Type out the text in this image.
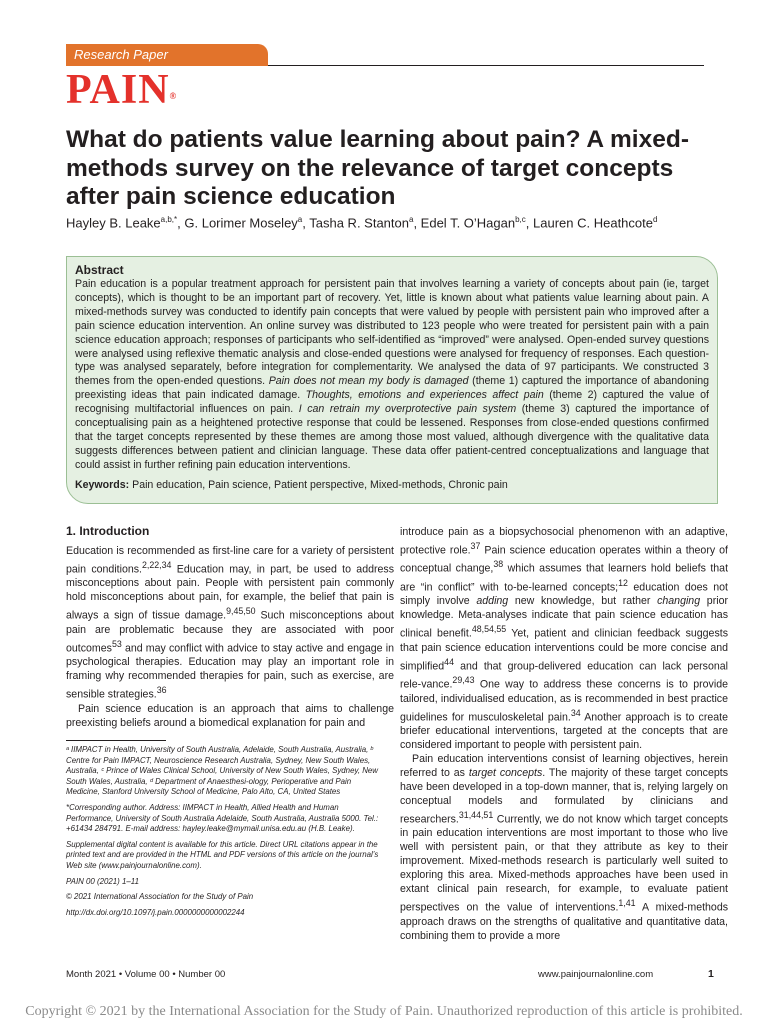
Research Paper
PAIN®
What do patients value learning about pain? A mixed-methods survey on the relevance of target concepts after pain science education
Hayley B. Leake$^{a,b,*}$, G. Lorimer Moseley$^a$, Tasha R. Stanton$^a$, Edel T. O’Hagan$^{b,c}$, Lauren C. Heathcote$^d$
Abstract

Pain education is a popular treatment approach for persistent pain that involves learning a variety of concepts about pain (ie, target concepts), which is thought to be an important part of recovery. Yet, little is known about what patients value learning about pain. A mixed-methods survey was conducted to identify pain concepts that were valued by people with persistent pain who improved after a pain science education intervention. An online survey was distributed to 123 people who were treated for persistent pain with a pain science education approach; responses of participants who self-identified as “improved” were analysed. Open-ended survey questions were analysed using reflexive thematic analysis and close-ended questions were analysed for frequency of responses. Each question-type was analysed separately, before integration for complementarity. We analysed the data of 97 participants. We constructed 3 themes from the open-ended questions. Pain does not mean my body is damaged (theme 1) captured the importance of abandoning preexisting ideas that pain indicated damage. Thoughts, emotions and experiences affect pain (theme 2) captured the value of recognising multifactorial influences on pain. I can retrain my overprotective pain system (theme 3) captured the importance of conceptualising pain as a heightened protective response that could be lessened. Responses from close-ended questions confirmed that the target concepts represented by these themes are among those most valued, although divergence with the qualitative data suggests differences between patient and clinician language. These data offer patient-centred conceptualizations and language that could assist in further refining pain education interventions.

Keywords: Pain education, Pain science, Patient perspective, Mixed-methods, Chronic pain

1. Introduction

Education is recommended as first-line care for a variety of persistent pain conditions.$^{2,22,34}$ Education may, in part, be used to address misconceptions about pain. People with persistent pain commonly hold misconceptions about pain, for example, the belief that pain is always a sign of tissue damage.$^{9,45,50}$ Such misconceptions about pain are problematic because they are associated with poor outcomes$^{53}$ and may conflict with advice to stay active and engage in psychological therapies. Education may play an important role in framing why recommended therapies for pain, such as exercise, are sensible strategies.$^{36}$

Pain science education is an approach that aims to challenge preexisting beliefs around a biomedical explanation for pain and

ᵃ IIMPACT in Health, University of South Australia, Adelaide, South Australia, Australia, ᵇ Centre for Pain IMPACT, Neuroscience Research Australia, Sydney, New South Wales, Australia, ᶜ Prince of Wales Clinical School, University of New South Wales, Sydney, New South Wales, Australia, ᵈ Department of Anaesthesi-ology, Perioperative and Pain Medicine, Stanford University School of Medicine, Palo Alto, CA, United States

*Corresponding author. Address: IIMPACT in Health, Allied Health and Human Performance, University of South Australia Adelaide, South Australia, Australia 5000. Tel.: +61434 284791. E-mail address: hayley.leake@mymail.unisa.edu.au (H.B. Leake).

Supplemental digital content is available for this article. Direct URL citations appear in the printed text and are provided in the HTML and PDF versions of this article on the journal’s Web site (www.painjournalonline.com).

PAIN 00 (2021) 1–11

© 2021 International Association for the Study of Pain

http://dx.doi.org/10.1097/j.pain.0000000000002244

introduce pain as a biopsychosocial phenomenon with an adaptive, protective role.$^{37}$ Pain science education operates within a theory of conceptual change,$^{38}$ which assumes that learners hold beliefs that are “in conflict” with to-be-learned concepts;$^{12}$ education does not simply involve adding new knowledge, but rather changing prior knowledge. Meta-analyses indicate that pain science education has clinical benefit.$^{48,54,55}$ Yet, patient and clinician feedback suggests that pain science education interventions could be more concise and simplified$^{44}$ and that group-delivered education can lack personal rele-vance.$^{29,43}$ One way to address these concerns is to provide tailored, individualised education, as is recommended in best practice guidelines for musculoskeletal pain.$^{34}$ Another approach is to create briefer educational interventions, targeted at the concepts that are considered important to people with persistent pain.

Pain education interventions consist of learning objectives, herein referred to as target concepts. The majority of these target concepts have been developed in a top-down manner, that is, relying largely on conceptual models and formulated by clinicians and researchers.$^{31,44,51}$ Currently, we do not know which target concepts in pain education interventions are most important to those who live well with persistent pain, or that they attribute as key to their improvement. Mixed-methods research is particularly well suited to exploring this area. Mixed-methods approaches have been used in extant clinical pain research, for example, to evaluate patient perspectives on the value of interventions.$^{1,41}$ A mixed-methods approach draws on the strengths of qualitative and quantitative data, combining them to provide a more

Month 2021 • Volume 00 • Number 00	www.painjournalonline.com	1
Copyright © 2021 by the International Association for the Study of Pain. Unauthorized reproduction of this article is prohibited.
